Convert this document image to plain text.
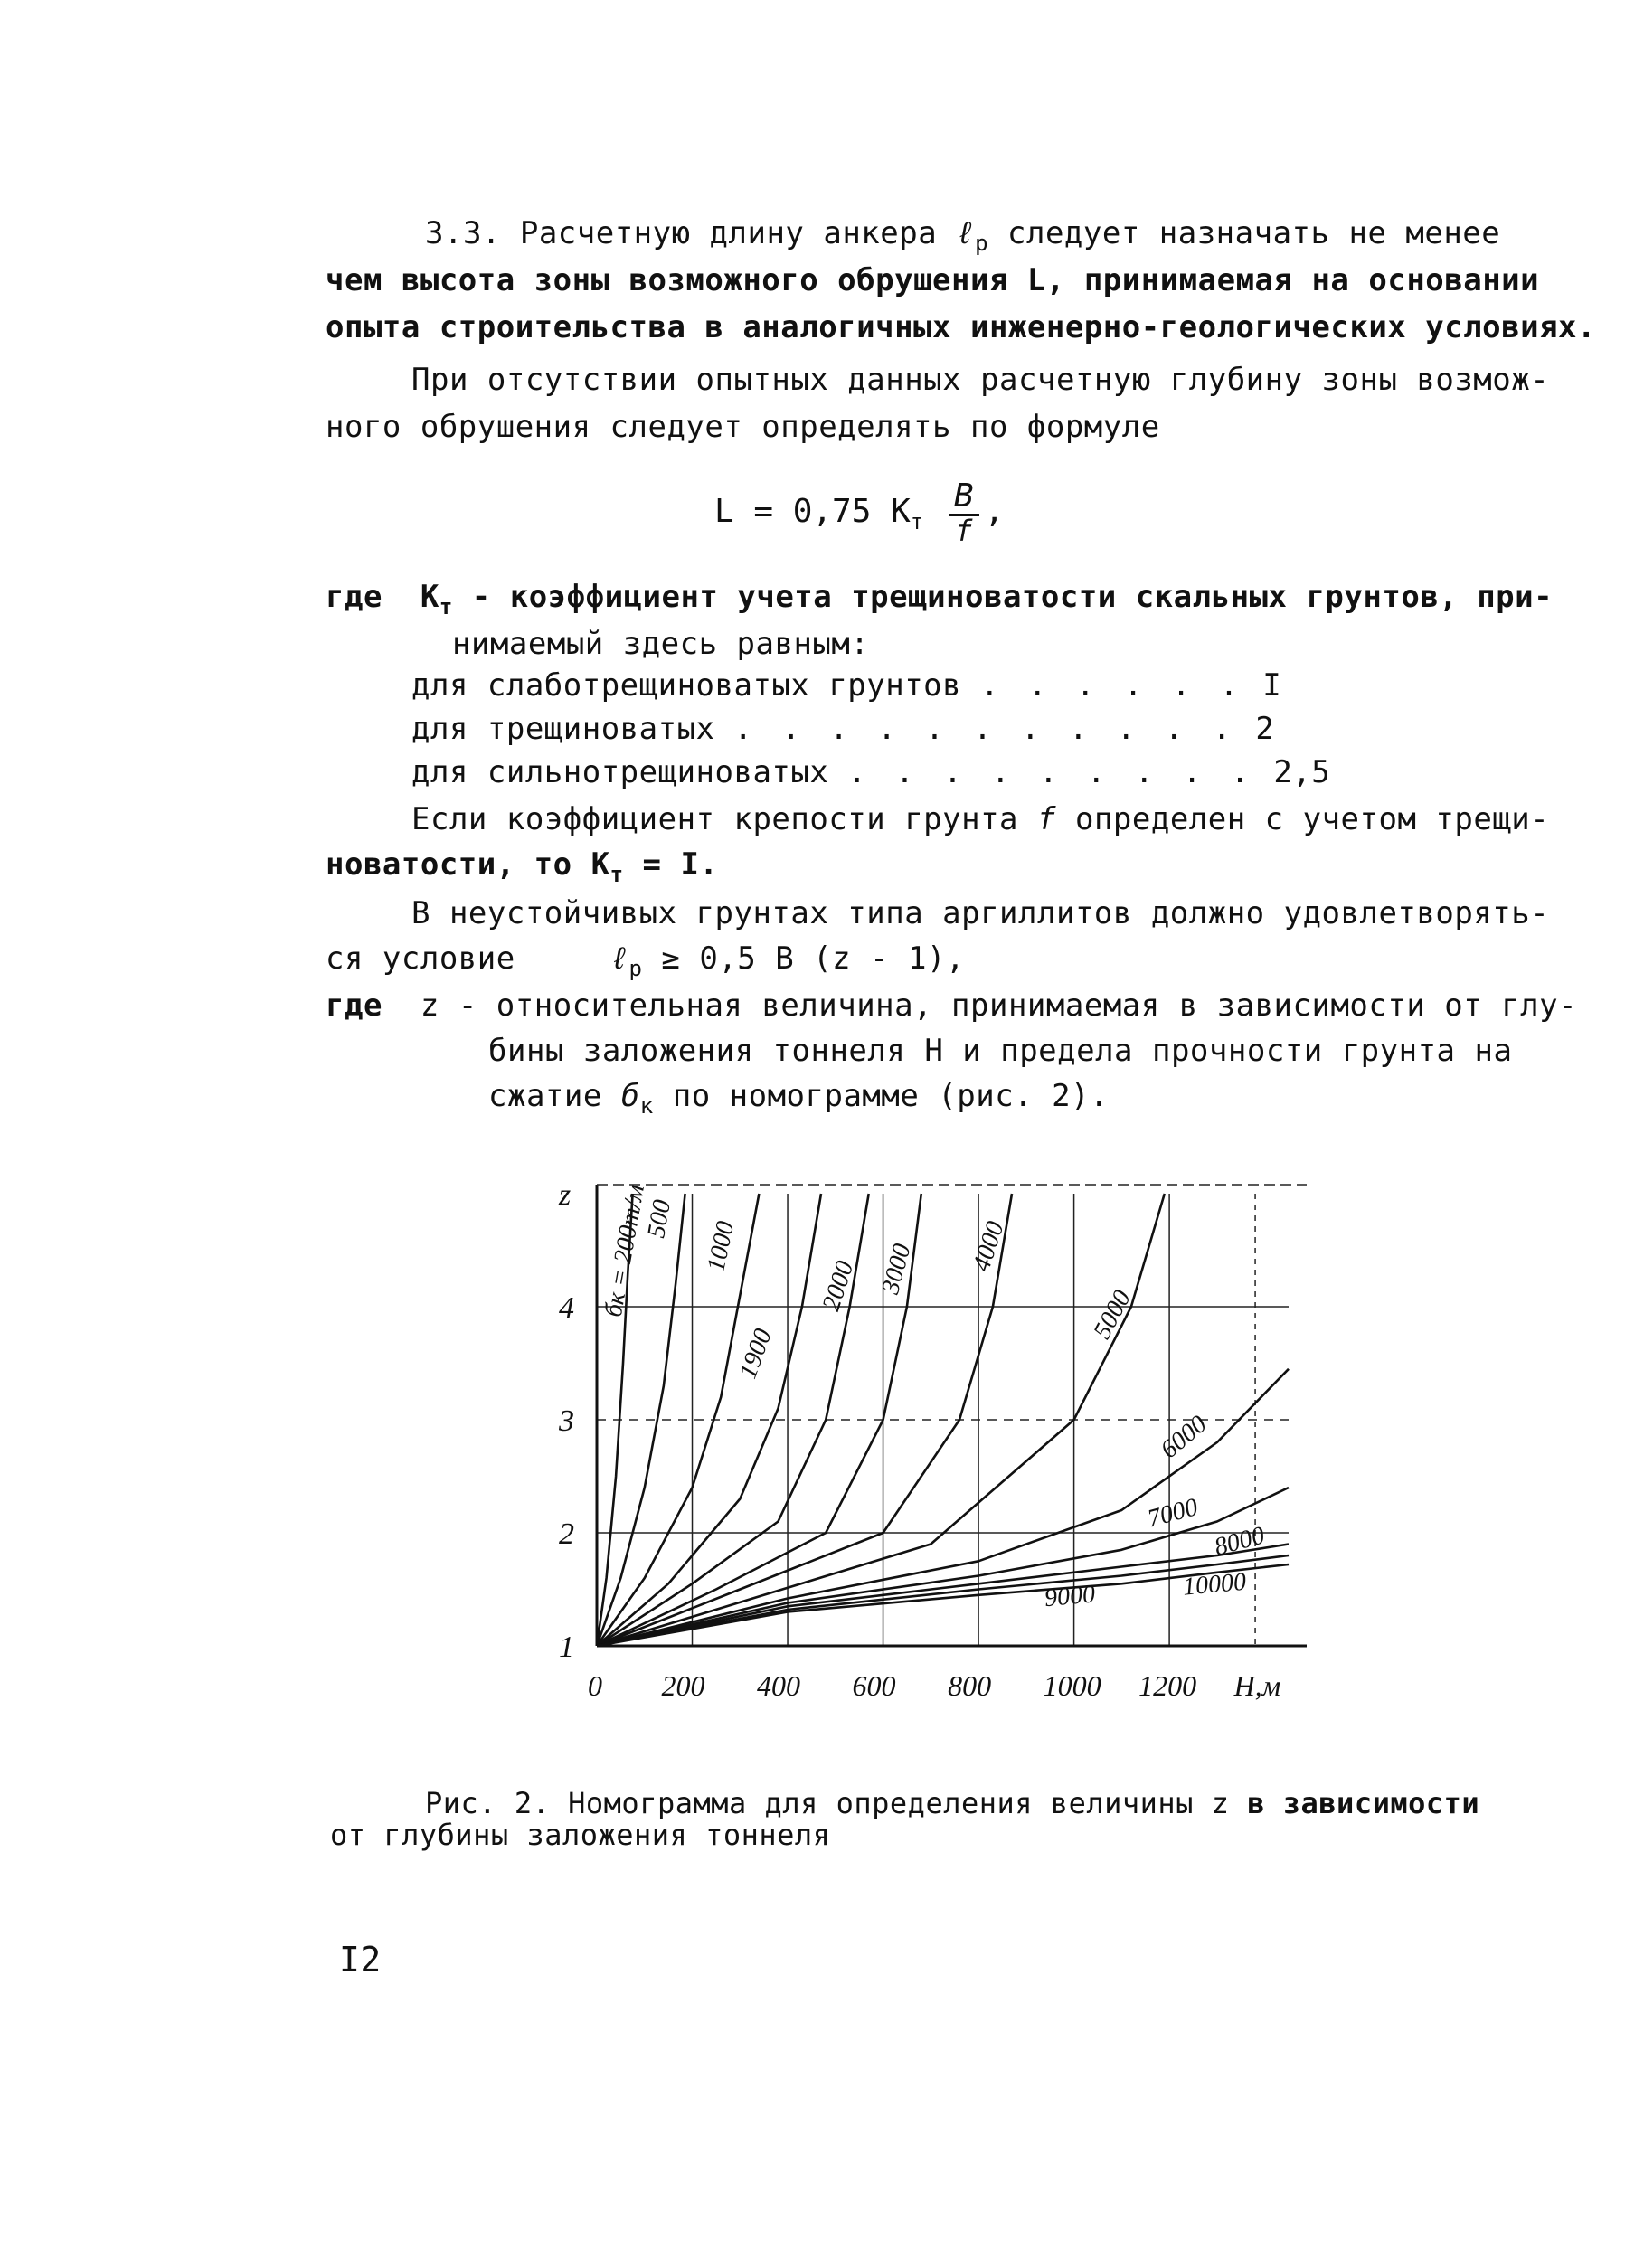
3.3. Расчетную длину анкера ℓ$_р$ следует назначать не менее
чем высота зоны возможного обрушения L, принимаемая на основании
опыта строительства в аналогичных инженерно-геологических условиях.
При отсутствии опытных данных расчетную глубину зоны возмож-
ного обрушения следует определять по формуле
L = 0,75 $K_т \frac{B}{f}$ ,
где $K_т$ - коэффициент учета трещиноватости скальных грунтов, при-
нимаемый здесь равным:
для слаботрещиноватых грунтов . . . . . . I
для трещиноватых . . . . . . . . . . . 2
для сильнотрещиноватых . . . . . . . . . 2,5
Если коэффициент крепости грунта f определен с учетом трещи-
новатости, то $K_т = I$.
В неустойчивых грунтах типа аргиллитов должно удовлетворять-
ся условие	ℓ$_р$ ≥ 0,5 B (z - 1),
где z - относительная величина, принимаемая в зависимости от глу-
бины заложения тоннеля H и предела прочности грунта на
сжатие $б_к$ по номограмме (рис. 2).
1
2
3
4
z
0 200 400 600 800 1000 1200 H,м
бк = 200т/м
500 1000
1900
2000 3000 4000
5000
6000
7000
8000
9000	10000
Рис. 2. Номограмма для определения величины z в зависимости
от глубины заложения тоннеля
I2
